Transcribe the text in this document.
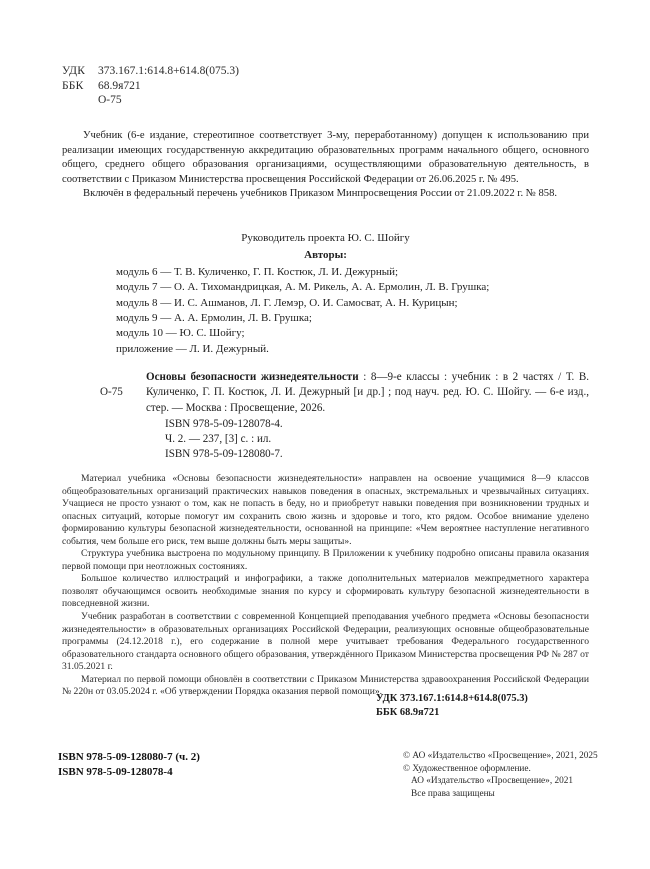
УДК	373.167.1:614.8+614.8(075.3)
ББК	68.9я721
О-75

Учебник (6-е издание, стереотипное соответствует 3-му, переработанному) допущен к использованию при реализации имеющих государственную аккредитацию образовательных программ начального общего, основного общего, среднего общего образования организациями, осуществляющими образовательную деятельность, в соответствии с Приказом Министерства просвещения Российской Федерации от 26.06.2025 г. № 495.

Включён в федеральный перечень учебников Приказом Минпросвещения России от 21.09.2022 г. № 858.

Руководитель проекта Ю. С. Шойгу
Авторы:
модуль 6 — Т. В. Куличенко, Г. П. Костюк, Л. И. Дежурный;
модуль 7 — О. А. Тихомандрицкая, А. М. Рикель, А. А. Ермолин, Л. В. Грушка;
модуль 8 — И. С. Ашманов, Л. Г. Лемэр, О. И. Самосват, А. Н. Курицын;
модуль 9 — А. А. Ермолин, Л. В. Грушка;
модуль 10 — Ю. С. Шойгу;
приложение — Л. И. Дежурный.
О-75
Основы безопасности жизнедеятельности : 8—9-е классы : учебник : в 2 частях / Т. В. Куличенко, Г. П. Костюк, Л. И. Дежурный [и др.] ; под науч. ред. Ю. С. Шойгу. — 6-е изд., стер. — Москва : Просвещение, 2026.
ISBN 978-5-09-128078-4.
Ч. 2. — 237, [3] с. : ил.
ISBN 978-5-09-128080-7.

Материал учебника «Основы безопасности жизнедеятельности» направлен на освоение учащимися 8—9 классов общеобразовательных организаций практических навыков поведения в опасных, экстремальных и чрезвычайных ситуациях. Учащиеся не просто узнают о том, как не попасть в беду, но и приобретут навыки поведения при возникновении трудных и опасных ситуаций, которые помогут им сохранить свою жизнь и здоровье и того, кто рядом. Особое внимание уделено формированию культуры безопасной жизнедеятельности, основанной на принципе: «Чем вероятнее наступление негативного события, чем больше его риск, тем выше должны быть меры защиты».

Структура учебника выстроена по модульному принципу. В Приложении к учебнику подробно описаны правила оказания первой помощи при неотложных состояниях.

Большое количество иллюстраций и инфографики, а также дополнительных материалов межпредметного характера позволят обучающимся освоить необходимые знания по курсу и сформировать культуру безопасной жизнедеятельности в повседневной жизни.

Учебник разработан в соответствии с современной Концепцией преподавания учебного предмета «Основы безопасности жизнедеятельности» в образовательных организациях Российской Федерации, реализующих основные общеобразовательные программы (24.12.2018 г.), его содержание в полной мере учитывает требования Федерального государственного образовательного стандарта основного общего образования, утверждённого Приказом Министерства просвещения РФ № 287 от 31.05.2021 г.

Материал по первой помощи обновлён в соответствии с Приказом Министерства здравоохранения Российской Федерации № 220н от 03.05.2024 г. «Об утверждении Порядка оказания первой помощи».

УДК 373.167.1:614.8+614.8(075.3)
ББК 68.9я721
ISBN 978-5-09-128080-7 (ч. 2)
ISBN 978-5-09-128078-4
© АО «Издательство «Просвещение», 2021, 2025
© Художественное оформление.
АО «Издательство «Просвещение», 2021
Все права защищены
